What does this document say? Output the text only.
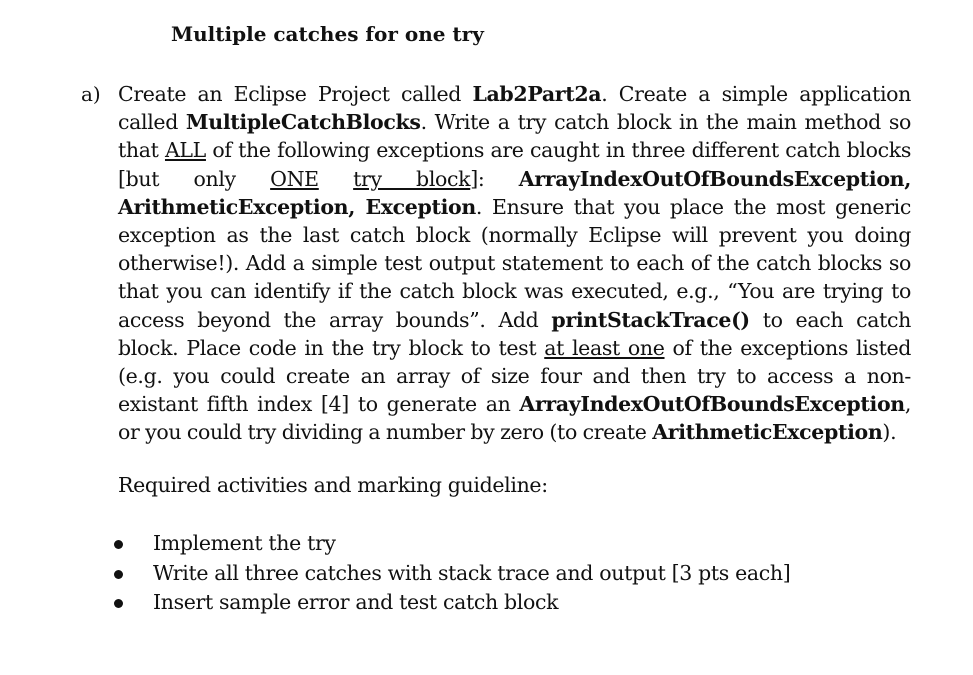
Multiple catches for one try
a) Create an Eclipse Project called Lab2Part2a. Create a simple application called MultipleCatchBlocks. Write a try catch block in the main method so that ALL of the following exceptions are caught in three different catch blocks [but only ONE try block]: ArrayIndexOutOfBoundsException, ArithmeticException, Exception. Ensure that you place the most generic exception as the last catch block (normally Eclipse will prevent you doing otherwise!). Add a simple test output statement to each of the catch blocks so that you can identify if the catch block was executed, e.g., “You are trying to access beyond the array bounds”. Add printStackTrace() to each catch block. Place code in the try block to test at least one of the exceptions listed (e.g. you could create an array of size four and then try to access a non-existant fifth index [4] to generate an ArrayIndexOutOfBoundsException, or you could try dividing a number by zero (to create ArithmeticException).
Required activities and marking guideline:
Implement the try
Write all three catches with stack trace and output [3 pts each]
Insert sample error and test catch block
